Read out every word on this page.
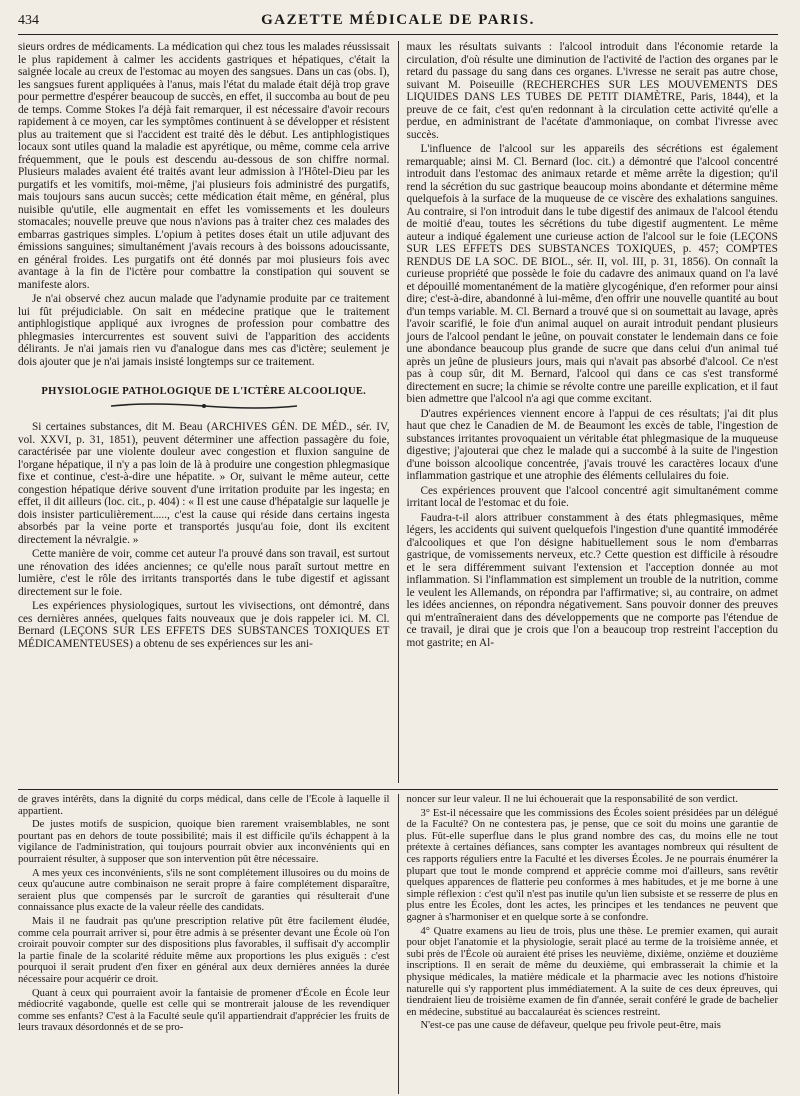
434	GAZETTE MÉDICALE DE PARIS.

sieurs ordres de médicaments. La médication qui chez tous les malades réussissait le plus rapidement à calmer les accidents gastriques et hépatiques, c'était la saignée locale au creux de l'estomac au moyen des sangsues. Dans un cas (obs. I), les sangsues furent appliquées à l'anus, mais l'état du malade était déjà trop grave pour permettre d'espérer beaucoup de succès, en effet, il succomba au bout de peu de temps. Comme Stokes l'a déjà fait remarquer, il est nécessaire d'avoir recours rapidement à ce moyen, car les symptômes continuent à se développer et résistent plus au traitement que si l'accident est traité dès le début. Les antiphlogistiques locaux sont utiles quand la maladie est apyrétique, ou même, comme cela arrive fréquemment, que le pouls est descendu au-dessous de son chiffre normal. Plusieurs malades avaient été traités avant leur admission à l'Hôtel-Dieu par les purgatifs et les vomitifs, moi-même, j'ai plusieurs fois administré des purgatifs, mais toujours sans aucun succès; cette médication était même, en général, plus nuisible qu'utile, elle augmentait en effet les vomissements et les douleurs stomacales; nouvelle preuve que nous n'avions pas à traiter chez ces malades des embarras gastriques simples. L'opium à petites doses était un utile adjuvant des émissions sanguines; simultanément j'avais recours à des boissons adoucissante, en général froides. Les purgatifs ont été donnés par moi plusieurs fois avec avantage à la fin de l'ictère pour combattre la constipation qui souvent se manifeste alors.

Je n'ai observé chez aucun malade que l'adynamie produite par ce traitement lui fût préjudiciable. On sait en médecine pratique que le traitement antiphlogistique appliqué aux ivrognes de profession pour combattre des phlegmasies intercurrentes est souvent suivi de l'apparition des accidents délirants. Je n'ai jamais rien vu d'analogue dans mes cas d'ictère; seulement je dois ajouter que je n'ai jamais insisté longtemps sur ce traitement.

PHYSIOLOGIE PATHOLOGIQUE DE L'ICTÈRE ALCOOLIQUE.

Si certaines substances, dit M. Beau (ARCHIVES GÉN. DE MÉD., sér. IV, vol. XXVI, p. 31, 1851), peuvent déterminer une affection passagère du foie, caractérisée par une violente douleur avec congestion et fluxion sanguine de l'organe hépatique, il n'y a pas loin de là à produire une congestion phlegmasique fixe et continue, c'est-à-dire une hépatite. » Or, suivant le même auteur, cette congestion hépatique dérive souvent d'une irritation produite par les ingesta; en effet, il dit ailleurs (loc. cit., p. 404) : « Il est une cause d'hépatalgie sur laquelle je dois insister particulièrement....., c'est la cause qui réside dans certains ingesta absorbés par la veine porte et transportés jusqu'au foie, dont ils excitent directement la névralgie. »

Cette manière de voir, comme cet auteur l'a prouvé dans son travail, est surtout une rénovation des idées anciennes; ce qu'elle nous paraît surtout mettre en lumière, c'est le rôle des irritants transportés dans le tube digestif et agissant directement sur le foie.

Les expériences physiologiques, surtout les vivisections, ont démontré, dans ces dernières années, quelques faits nouveaux que je dois rappeler ici. M. Cl. Bernard (LEÇONS SUR LES EFFETS DES SUBSTANCES TOXIQUES ET MÉDICAMENTEUSES) a obtenu de ses expériences sur les ani-

maux les résultats suivants : l'alcool introduit dans l'économie retarde la circulation, d'où résulte une diminution de l'activité de l'action des organes par le retard du passage du sang dans ces organes. L'ivresse ne serait pas autre chose, suivant M. Poiseuille (RECHERCHES SUR LES MOUVEMENTS DES LIQUIDES DANS LES TUBES DE PETIT DIAMÈTRE, Paris, 1844), et la preuve de ce fait, c'est qu'en redonnant à la circulation cette activité qu'elle a perdue, en administrant de l'acétate d'ammoniaque, on combat l'ivresse avec succès.

L'influence de l'alcool sur les appareils des sécrétions est également remarquable; ainsi M. Cl. Bernard (loc. cit.) a démontré que l'alcool concentré introduit dans l'estomac des animaux retarde et même arrête la digestion; qu'il rend la sécrétion du suc gastrique beaucoup moins abondante et détermine même quelquefois à la surface de la muqueuse de ce viscère des exhalations sanguines. Au contraire, si l'on introduit dans le tube digestif des animaux de l'alcool étendu de moitié d'eau, toutes les sécrétions du tube digestif augmentent. Le même auteur a indiqué également une curieuse action de l'alcool sur le foie (LEÇONS SUR LES EFFETS DES SUBSTANCES TOXIQUES, p. 457; COMPTES RENDUS DE LA SOC. DE BIOL., sér. II, vol. III, p. 31, 1856). On connaît la curieuse propriété que possède le foie du cadavre des animaux quand on l'a lavé et dépouillé momentanément de la matière glycogénique, d'en reformer pour ainsi dire; c'est-à-dire, abandonné à lui-même, d'en offrir une nouvelle quantité au bout d'un temps variable. M. Cl. Bernard a trouvé que si on soumettait au lavage, après l'avoir scarifié, le foie d'un animal auquel on aurait introduit pendant plusieurs jours de l'alcool pendant le jeûne, on pouvait constater le lendemain dans ce foie une abondance beaucoup plus grande de sucre que dans celui d'un animal tué après un jeûne de plusieurs jours, mais qui n'avait pas absorbé d'alcool. Ce n'est pas à coup sûr, dit M. Bernard, l'alcool qui dans ce cas s'est transformé directement en sucre; la chimie se révolte contre une pareille explication, et il faut bien admettre que l'alcool n'a agi que comme excitant.

D'autres expériences viennent encore à l'appui de ces résultats; j'ai dit plus haut que chez le Canadien de M. de Beaumont les excès de table, l'ingestion de substances irritantes provoquaient un véritable état phlegmasique de la muqueuse digestive; j'ajouterai que chez le malade qui a succombé à la suite de l'ingestion d'une boisson alcoolique concentrée, j'avais trouvé les caractères locaux d'une inflammation gastrique et une atrophie des éléments cellulaires du foie.

Ces expériences prouvent que l'alcool concentré agit simultanément comme irritant local de l'estomac et du foie.

Faudra-t-il alors attribuer constamment à des états phlegmasiques, même légers, les accidents qui suivent quelquefois l'ingestion d'une quantité immodérée d'alcooliques et que l'on désigne habituellement sous le nom d'embarras gastrique, de vomissements nerveux, etc.? Cette question est difficile à résoudre et le sera différemment suivant l'extension et l'acception donnée au mot inflammation. Si l'inflammation est simplement un trouble de la nutrition, comme le veulent les Allemands, on répondra par l'affirmative; si, au contraire, on admet les idées anciennes, on répondra négativement. Sans pouvoir donner des preuves qui m'entraîneraient dans des développements que ne comporte pas l'étendue de ce travail, je dirai que je crois que l'on a beaucoup trop restreint l'acception du mot gastrite; en Al-

de graves intérêts, dans la dignité du corps médical, dans celle de l'École à laquelle il appartient.

De justes motifs de suspicion, quoique bien rarement vraisemblables, ne sont pourtant pas en dehors de toute possibilité; mais il est difficile qu'ils échappent à la vigilance de l'administration, qui toujours pourrait obvier aux inconvénients qui en pourraient résulter, à supposer que son intervention pût être nécessaire.

A mes yeux ces inconvénients, s'ils ne sont complétement illusoires ou du moins de ceux qu'aucune autre combinaison ne serait propre à faire complétement disparaître, seraient plus que compensés par le surcroît de garanties qui résulterait d'une connaissance plus exacte de la valeur réelle des candidats.

Mais il ne faudrait pas qu'une prescription relative pût être facilement éludée, comme cela pourrait arriver si, pour être admis à se présenter devant une École où l'on croirait pouvoir compter sur des dispositions plus favorables, il suffisait d'y accomplir la partie finale de la scolarité réduite même aux proportions les plus exiguës : c'est pourquoi il serait prudent d'en fixer en général aux deux dernières années la durée nécessaire pour acquérir ce droit.

Quant à ceux qui pourraient avoir la fantaisie de promener d'École en École leur médiocrité vagabonde, quelle est celle qui se montrerait jalouse de les revendiquer comme ses enfants? C'est à la Faculté seule qu'il appartiendrait d'apprécier les fruits de leurs travaux désordonnés et de se pro-

noncer sur leur valeur. Il ne lui échouerait que la responsabilité de son verdict.

3° Est-il nécessaire que les commissions des Écoles soient présidées par un délégué de la Faculté? On ne contestera pas, je pense, que ce soit du moins une garantie de plus. Fût-elle superflue dans le plus grand nombre des cas, du moins elle ne tout prétexte à certaines défiances, sans compter les avantages nombreux qui résultent de ces rapports réguliers entre la Faculté et les diverses Écoles. Je ne pourrais énumérer la plupart que tout le monde comprend et apprécie comme moi d'ailleurs, sans revêtir quelques apparences de flatterie peu conformes à mes habitudes, et je me borne à une simple réflexion : c'est qu'il n'est pas inutile qu'un lien subsiste et se resserre de plus en plus entre les Écoles, dont les actes, les principes et les tendances ne peuvent que gagner à s'harmoniser et en quelque sorte à se confondre.

4° Quatre examens au lieu de trois, plus une thèse. Le premier examen, qui aurait pour objet l'anatomie et la physiologie, serait placé au terme de la troisième année, et subi près de l'École où auraient été prises les neuvième, dixième, onzième et douzième inscriptions. Il en serait de même du deuxième, qui embrasserait la chimie et la physique médicales, la matière médicale et la pharmacie avec les notions d'histoire naturelle qui s'y rapportent plus immédiatement. A la suite de ces deux épreuves, qui tiendraient lieu de troisième examen de fin d'année, serait conféré le grade de bachelier en médecine, substitué au baccalauréat ès sciences restreint.

N'est-ce pas une cause de défaveur, quelque peu frivole peut-être, mais
